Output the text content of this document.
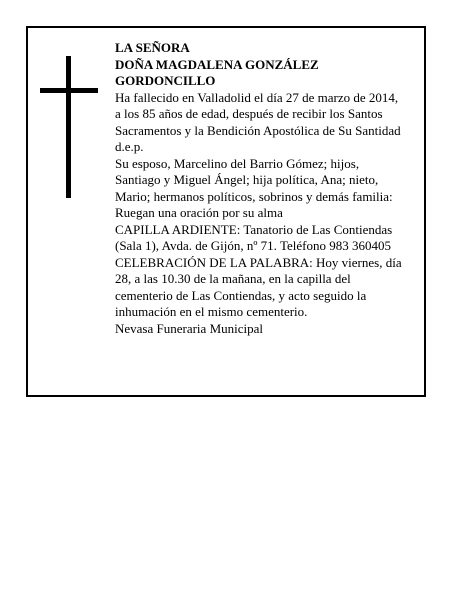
LA SEÑORA
DOÑA MAGDALENA GONZÁLEZ
GORDONCILLO
Ha fallecido en Valladolid el día 27 de marzo de 2014,
a los 85 años de edad, después de recibir los Santos
Sacramentos y la Bendición Apostólica de Su Santidad
d.e.p.
Su esposo, Marcelino del Barrio Gómez; hijos,
Santiago y Miguel Ángel; hija política, Ana; nieto,
Mario; hermanos políticos, sobrinos y demás familia:
Ruegan una oración por su alma
CAPILLA ARDIENTE: Tanatorio de Las Contiendas
(Sala 1), Avda. de Gijón, nº 71. Teléfono 983 360405
CELEBRACIÓN DE LA PALABRA: Hoy viernes, día
28, a las 10.30 de la mañana, en la capilla del
cementerio de Las Contiendas, y acto seguido la
inhumación en el mismo cementerio.
Nevasa Funeraria Municipal
